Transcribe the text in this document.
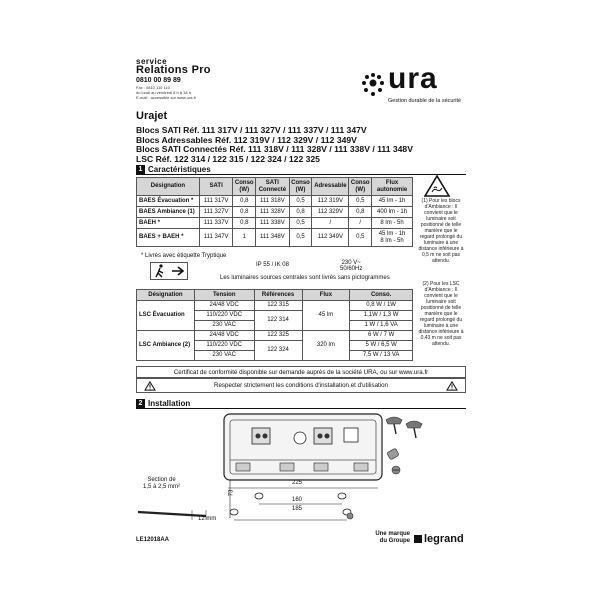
service
Relations Pro
0810 00 89 89
Fax : 0810 110 110
du lundi au vendredi 8 h à 18 h
E-mail : accessible sur www.ura.fr
ura
Gestion durable de la sécurité
Urajet
Blocs SATI Réf. 111 317V / 111 327V / 111 337V / 111 347V
Blocs Adressables Réf. 112 319V / 112 329V / 112 349V
Blocs SATI Connectés Réf. 111 318V / 111 328V / 111 338V / 111 348V
LSC Réf. 122 314 / 122 315 / 122 324 / 122 325
1 Caractéristiques
Désignation	SATI	Conso (W)	SATI Connecté	Conso (W)	Adressable	Conso (W)	Flux autonomie
BAES Évacuation *	111 317V	0,8	111 318V	0,5	112 319V	0,5	45 lm - 1h
BAES Ambiance (1)	111 327V	0,8	111 328V	0,8	112 329V	0,8	400 lm - 1h
BAEH *	111 337V	0,8	111 338V	0,5	/	/	8 lm - 5h
BAES + BAEH *	111 347V	1	111 348V	0,5	112 349V	0,5	45 lm - 1h
8 lm - 5h
(1) Pour les blocs d'Ambiance : Il convient que le luminaire soit positionné de telle manière que le regard prolongé du luminaire à une distance inférieure à 0,5 m ne soit pas attendu.
(2) Pour les LSC d'Ambiance : Il convient que le luminaire soit positionné de telle manière que le regard prolongé du luminaire à une distance inférieure à 0,43 m ne soit pas attendu.
* Livrés avec étiquette Tryptique
IP 55 / IK 08	230 V~
50/60Hz
Les luminaires sources centrales sont livrés sans pictogrammes
Désignation	Tension	Références	Flux	Conso.
LSC Évacuation	24/48 VDC	122 315	45 lm	0,8 W / 1W
	110/220 VDC	122 314		1,1W / 1,3 W
	230 VAC			1 W / 1,6 VA
LSC Ambiance (2)	24/48 VDC	122 325	320 lm	6 W / 7 W
	110/220 VDC	122 324		5 W / 6,5 W
	230 VAC			7,5 W / 13 VA
Certificat de conformité disponible sur demande auprès de la société URA, ou sur www.ura.fr
Respecter strictement les conditions d'installation et d'utilisation
2 Installation
225
160
185
73
Section de
1,5 à 2,5 mm²
12 mm
LE12018AA
Une marque
du Groupe legrand
